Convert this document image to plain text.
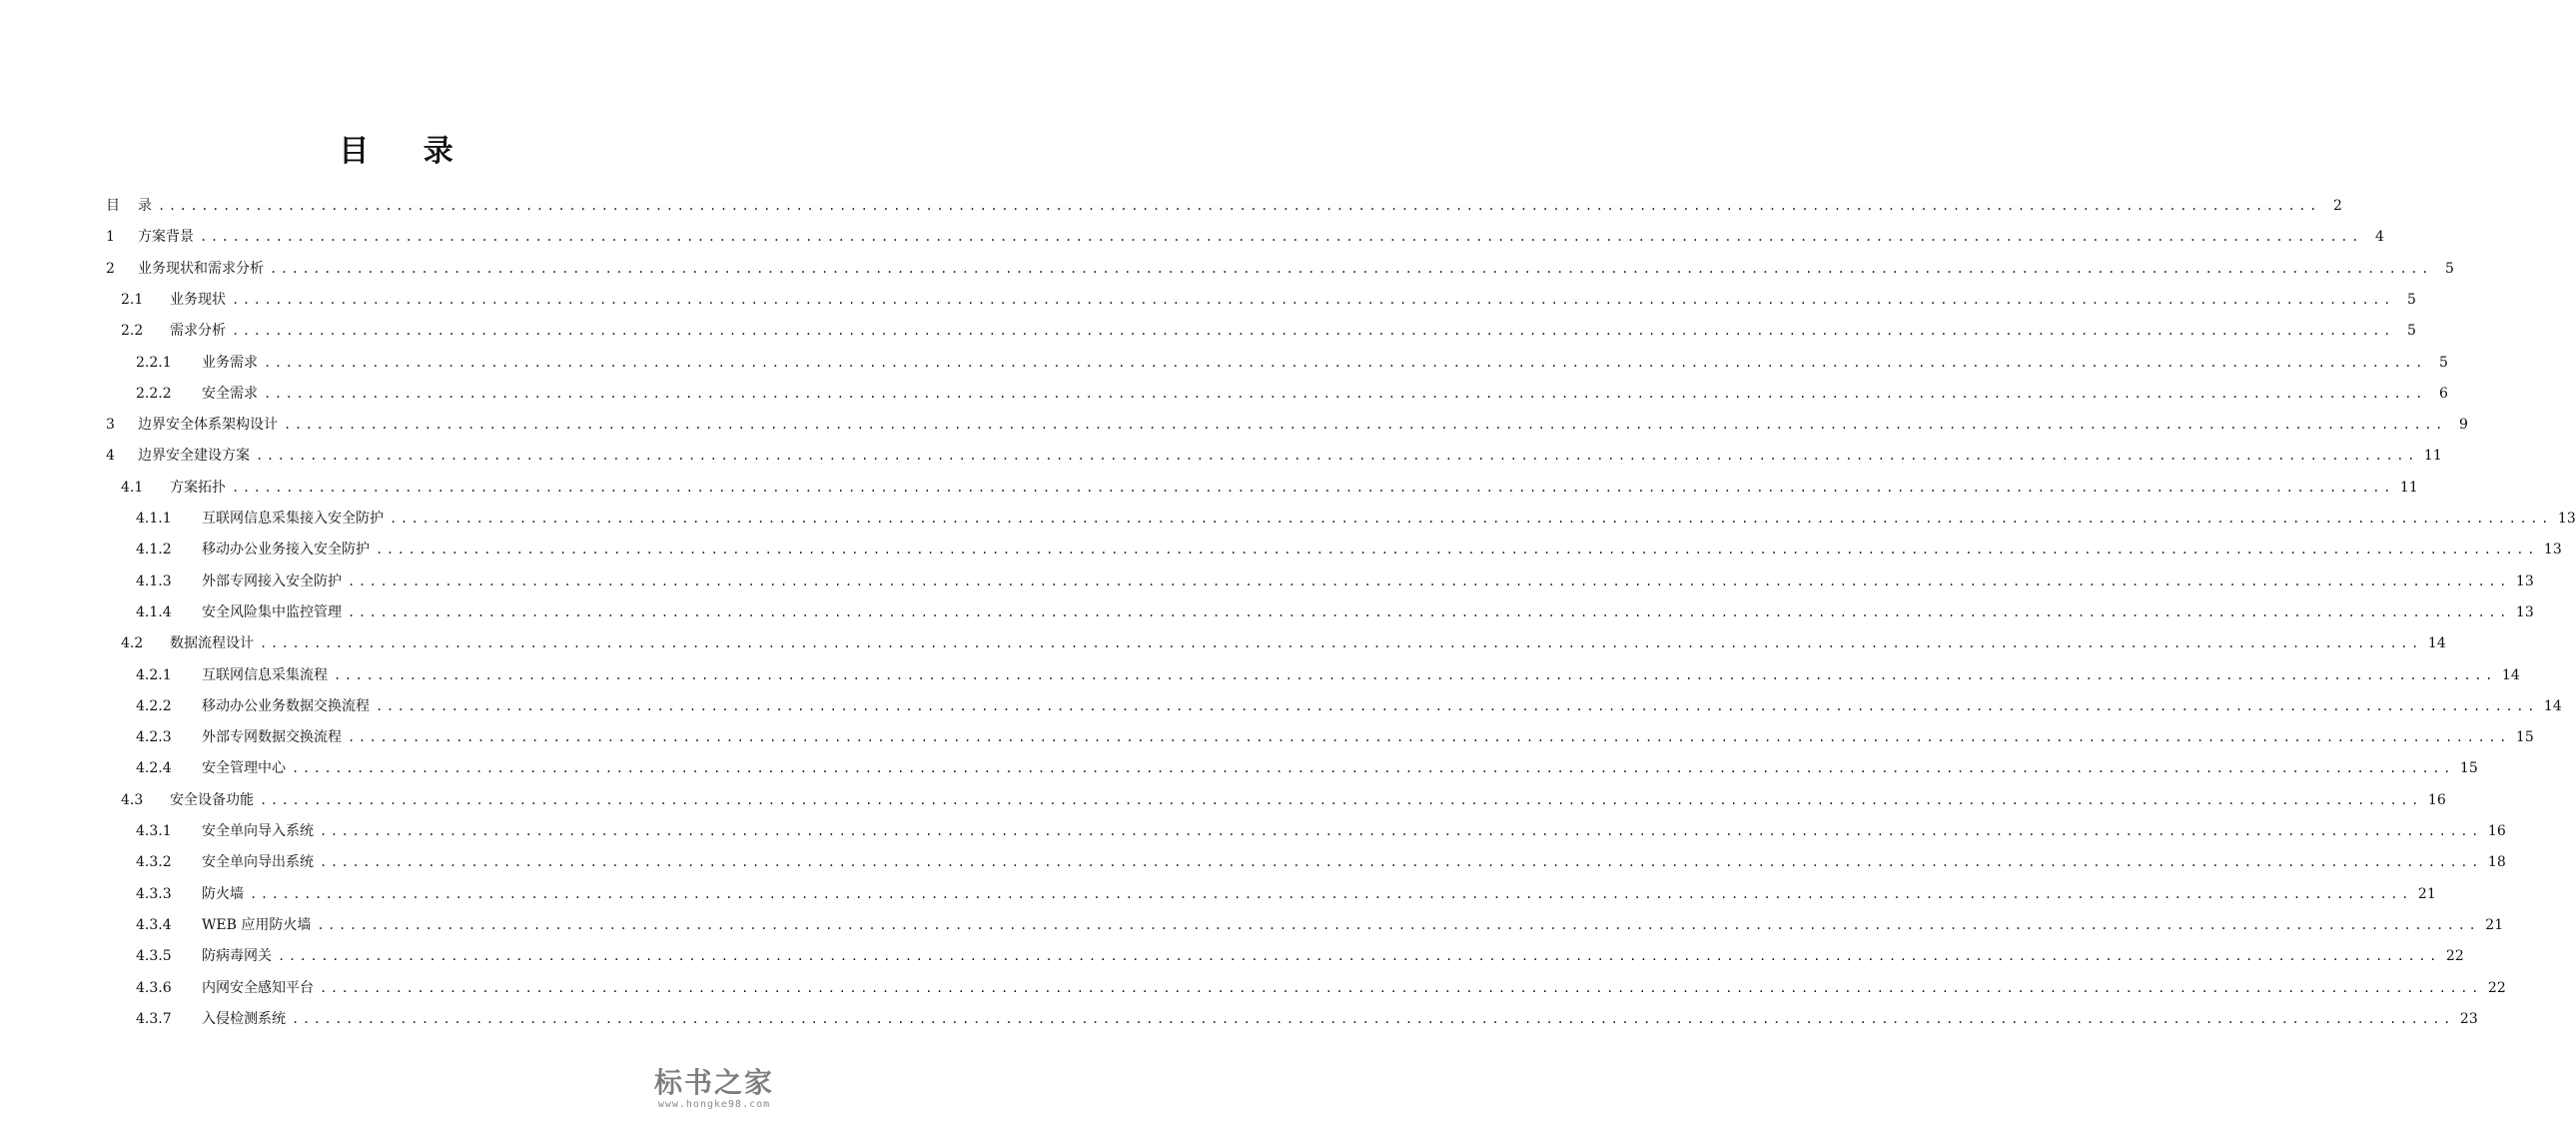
目 录
目	录 ........................................................................................................................................................................................................ 2
1	方案背景 ........................................................................................................................................................................................................ 4
2	业务现状和需求分析 ........................................................................................................................................................................................................ 5
2.1	业务现状 ........................................................................................................................................................................................................ 5
2.2	需求分析 ........................................................................................................................................................................................................ 5
2.2.1	业务需求 ........................................................................................................................................................................................................ 5
2.2.2	安全需求 ........................................................................................................................................................................................................ 6
3	边界安全体系架构设计 ........................................................................................................................................................................................................ 9
4	边界安全建设方案 ........................................................................................................................................................................................................ 11
4.1	方案拓扑 ........................................................................................................................................................................................................ 11
4.1.1	互联网信息采集接入安全防护 ........................................................................................................................................................................................................ 13
4.1.2	移动办公业务接入安全防护 ........................................................................................................................................................................................................ 13
4.1.3	外部专网接入安全防护 ........................................................................................................................................................................................................ 13
4.1.4	安全风险集中监控管理 ........................................................................................................................................................................................................ 13
4.2	数据流程设计 ........................................................................................................................................................................................................ 14
4.2.1	互联网信息采集流程 ........................................................................................................................................................................................................ 14
4.2.2	移动办公业务数据交换流程 ........................................................................................................................................................................................................ 14
4.2.3	外部专网数据交换流程 ........................................................................................................................................................................................................ 15
4.2.4	安全管理中心 ........................................................................................................................................................................................................ 15
4.3	安全设备功能 ........................................................................................................................................................................................................ 16
4.3.1	安全单向导入系统 ........................................................................................................................................................................................................ 16
4.3.2	安全单向导出系统 ........................................................................................................................................................................................................ 18
4.3.3	防火墙 ........................................................................................................................................................................................................ 21
4.3.4	WEB 应用防火墙 ........................................................................................................................................................................................................ 21
4.3.5	防病毒网关 ........................................................................................................................................................................................................ 22
4.3.6	内网安全感知平台 ........................................................................................................................................................................................................ 22
4.3.7	入侵检测系统 ........................................................................................................................................................................................................ 23
标书之家
www.hongke98.com
